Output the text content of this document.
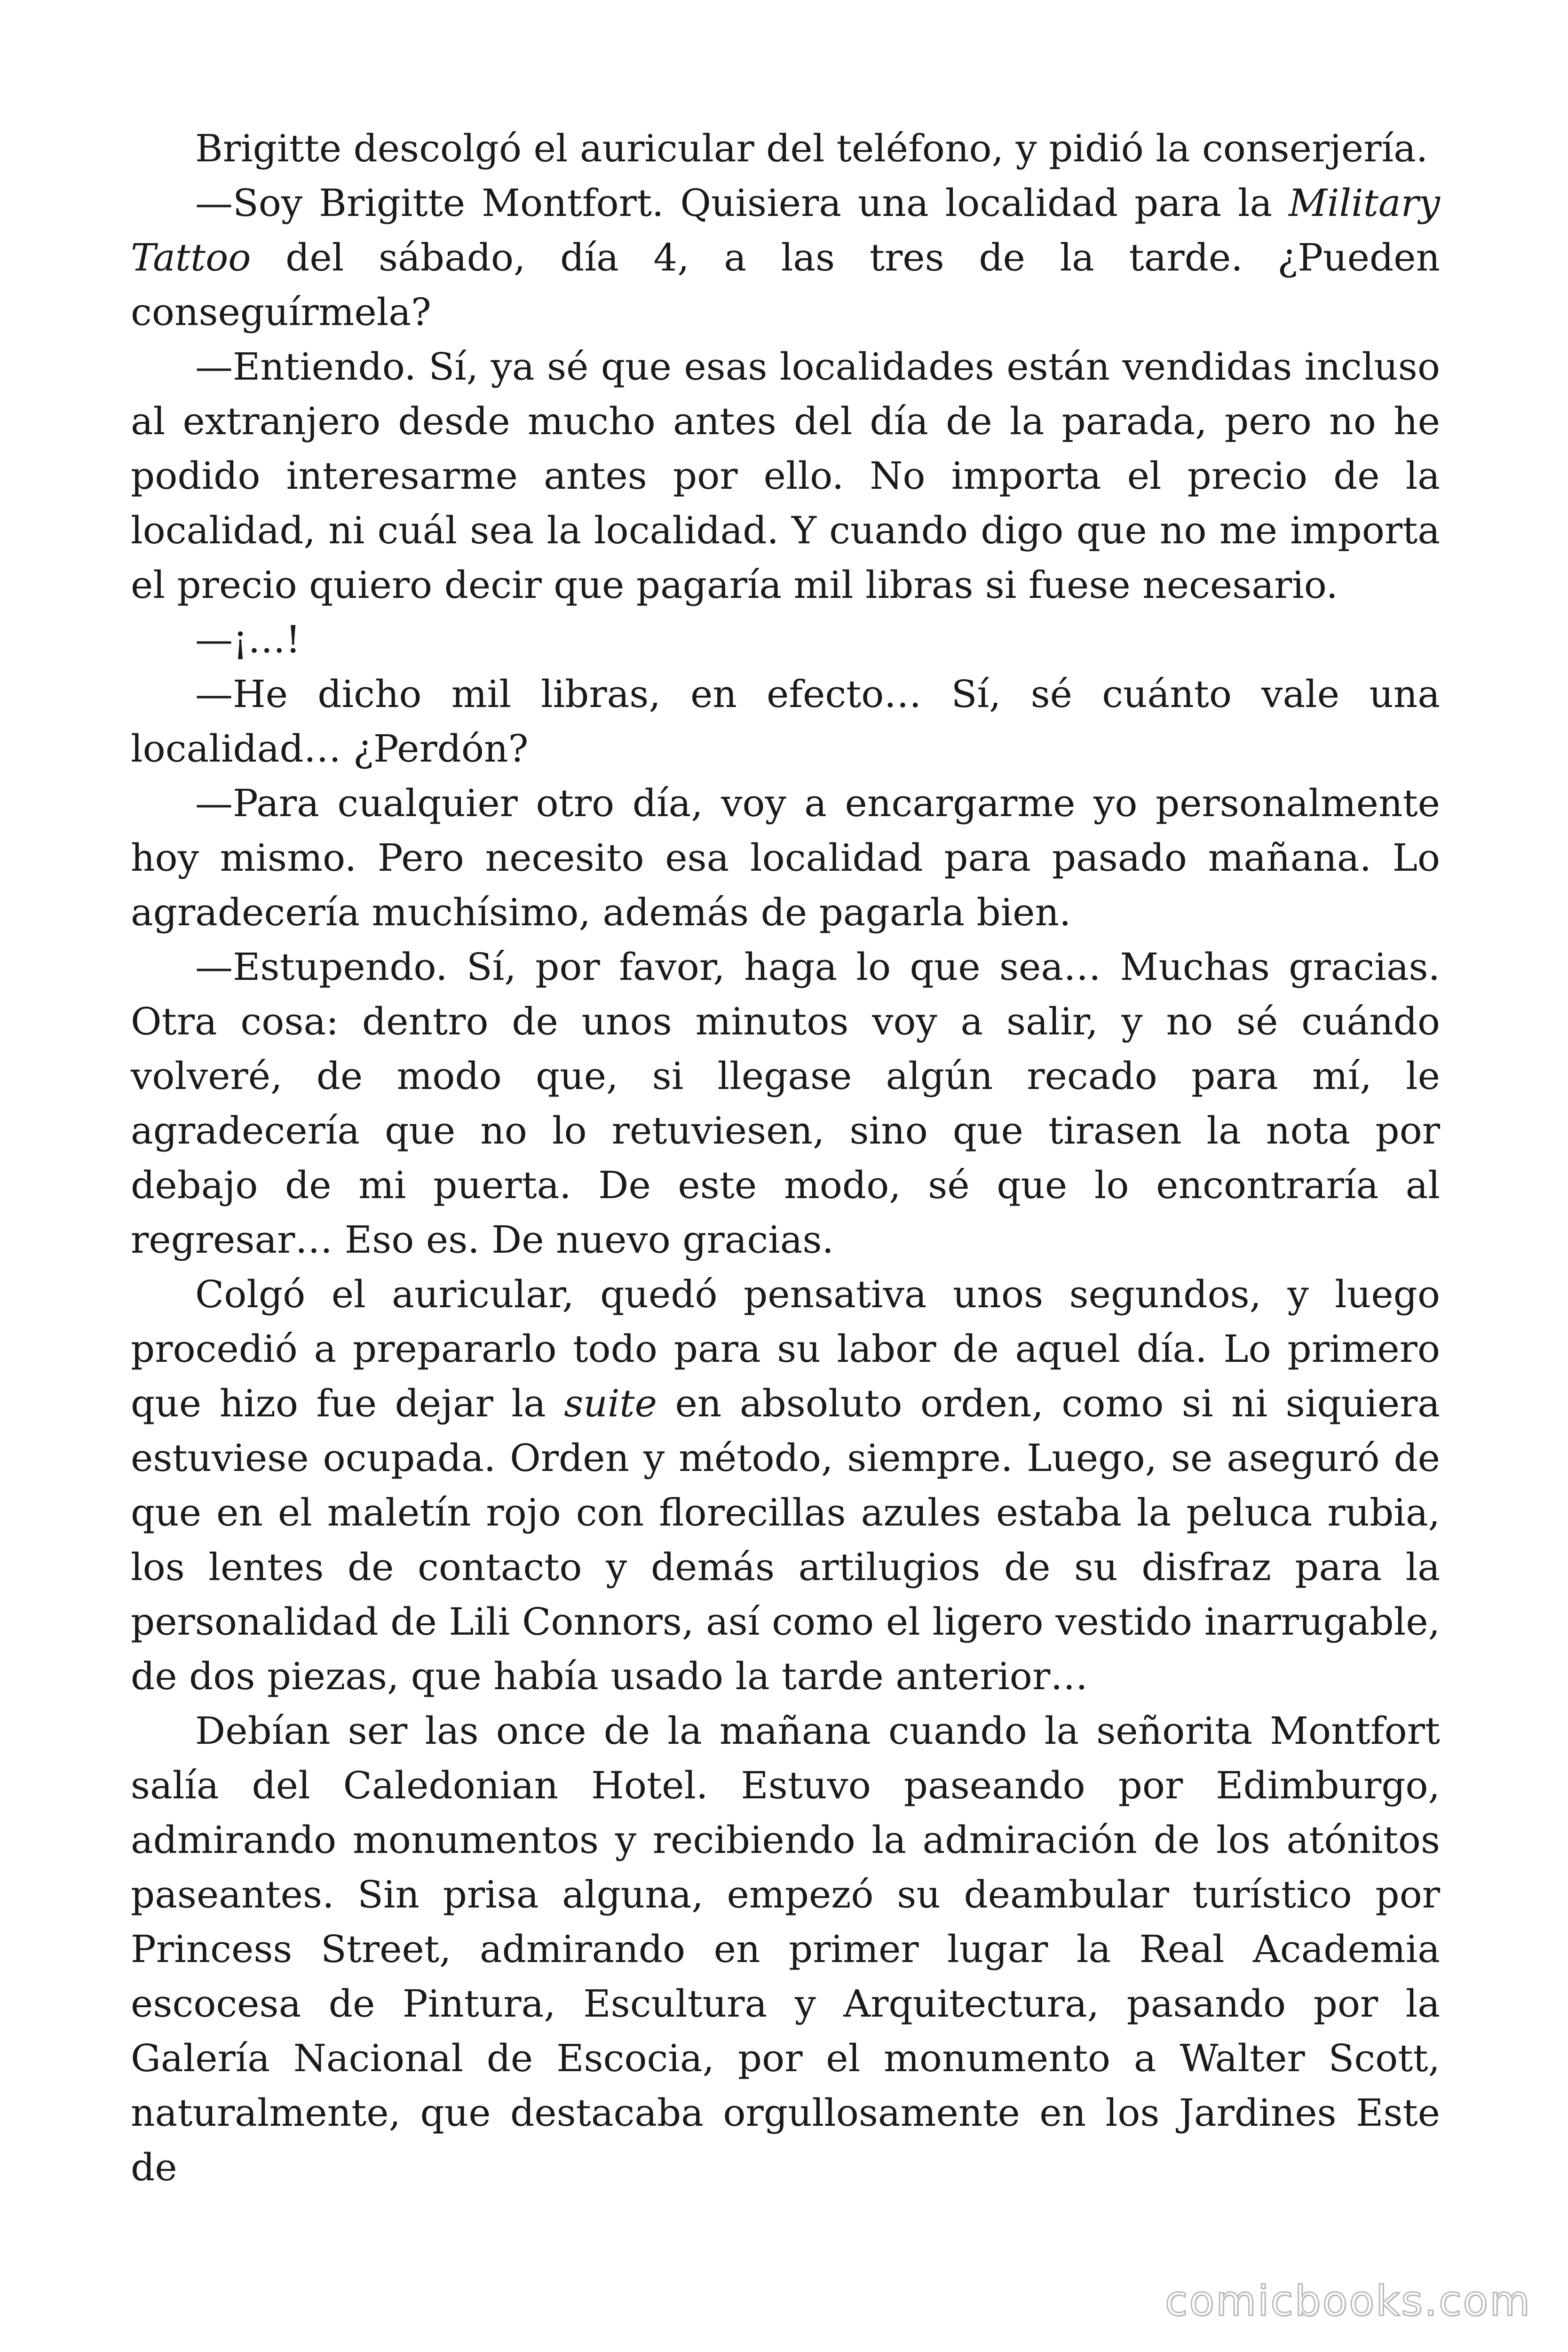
Brigitte descolgó el auricular del teléfono, y pidió la conserjería.

—Soy Brigitte Montfort. Quisiera una localidad para la Military Tattoo del sábado, día 4, a las tres de la tarde. ¿Pueden conseguírmela?

—Entiendo. Sí, ya sé que esas localidades están vendidas incluso al extranjero desde mucho antes del día de la parada, pero no he podido interesarme antes por ello. No importa el precio de la localidad, ni cuál sea la localidad. Y cuando digo que no me importa el precio quiero decir que pagaría mil libras si fuese necesario.

—¡…!

—He dicho mil libras, en efecto… Sí, sé cuánto vale una localidad… ¿Perdón?

—Para cualquier otro día, voy a encargarme yo personalmente hoy mismo. Pero necesito esa localidad para pasado mañana. Lo agradecería muchísimo, además de pagarla bien.

—Estupendo. Sí, por favor, haga lo que sea… Muchas gracias. Otra cosa: dentro de unos minutos voy a salir, y no sé cuándo volveré, de modo que, si llegase algún recado para mí, le agradecería que no lo retuviesen, sino que tirasen la nota por debajo de mi puerta. De este modo, sé que lo encontraría al regresar… Eso es. De nuevo gracias.

Colgó el auricular, quedó pensativa unos segundos, y luego procedió a prepararlo todo para su labor de aquel día. Lo primero que hizo fue dejar la suite en absoluto orden, como si ni siquiera estuviese ocupada. Orden y método, siempre. Luego, se aseguró de que en el maletín rojo con florecillas azules estaba la peluca rubia, los lentes de contacto y demás artilugios de su disfraz para la personalidad de Lili Connors, así como el ligero vestido inarrugable, de dos piezas, que había usado la tarde anterior…

Debían ser las once de la mañana cuando la señorita Montfort salía del Caledonian Hotel. Estuvo paseando por Edimburgo, admirando monumentos y recibiendo la admiración de los atónitos paseantes. Sin prisa alguna, empezó su deambular turístico por Princess Street, admirando en primer lugar la Real Academia escocesa de Pintura, Escultura y Arquitectura, pasando por la Galería Nacional de Escocia, por el monumento a Walter Scott, naturalmente, que destacaba orgullosamente en los Jardines Este de

comicbooks.com
